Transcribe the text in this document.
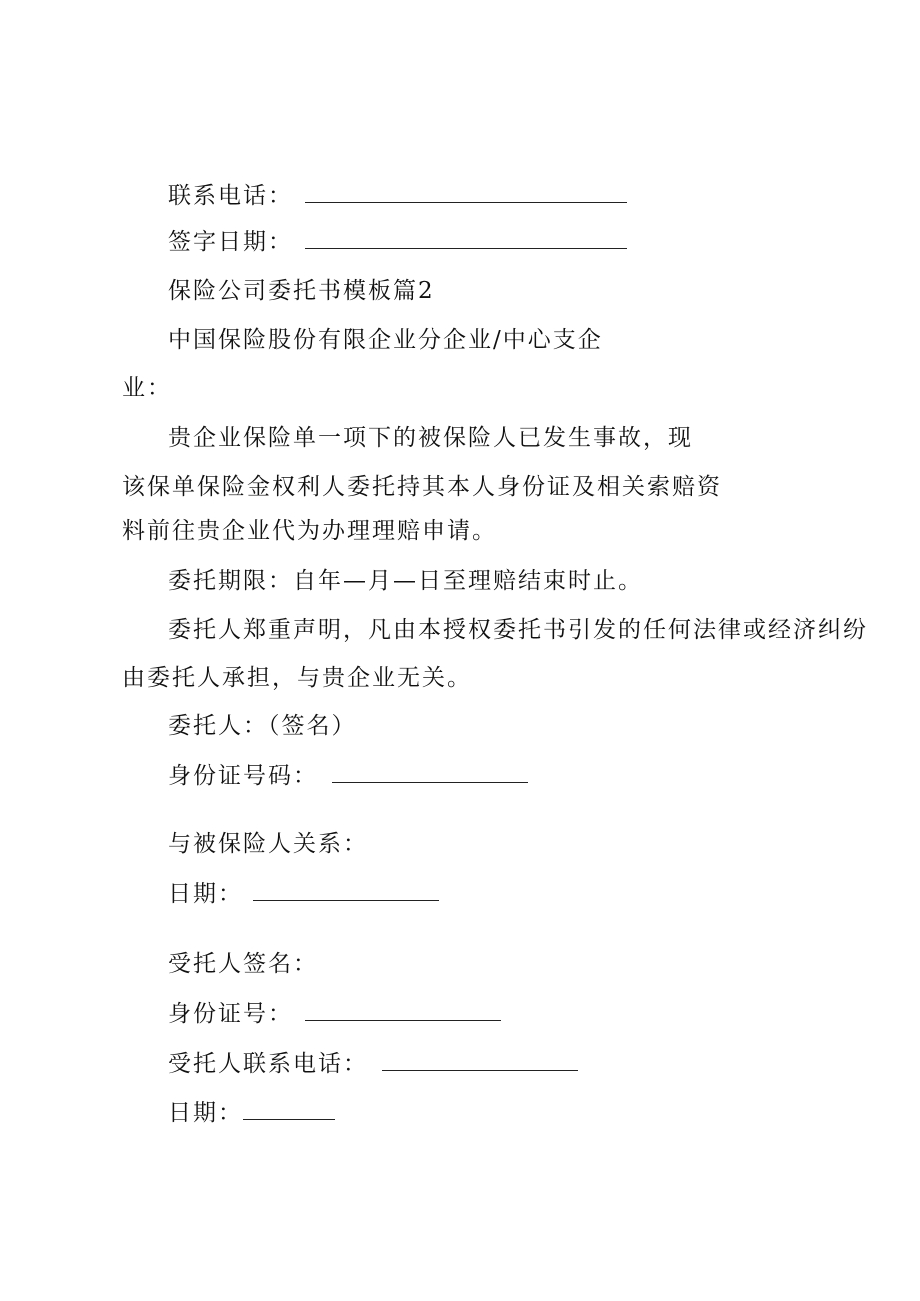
联系电话：
签字日期：
保险公司委托书模板篇2
中国保险股份有限企业分企业/中心支企
业：
贵企业保险单一项下的被保险人已发生事故，现
该保单保险金权利人委托持其本人身份证及相关索赔资
料前往贵企业代为办理理赔申请。
委托期限：自年—月—日至理赔结束时止。
委托人郑重声明，凡由本授权委托书引发的任何法律或经济纠纷
由委托人承担，与贵企业无关。
委托人：（签名）
身份证号码：
与被保险人关系：
日期：
受托人签名：
身份证号：
受托人联系电话：
日期：
